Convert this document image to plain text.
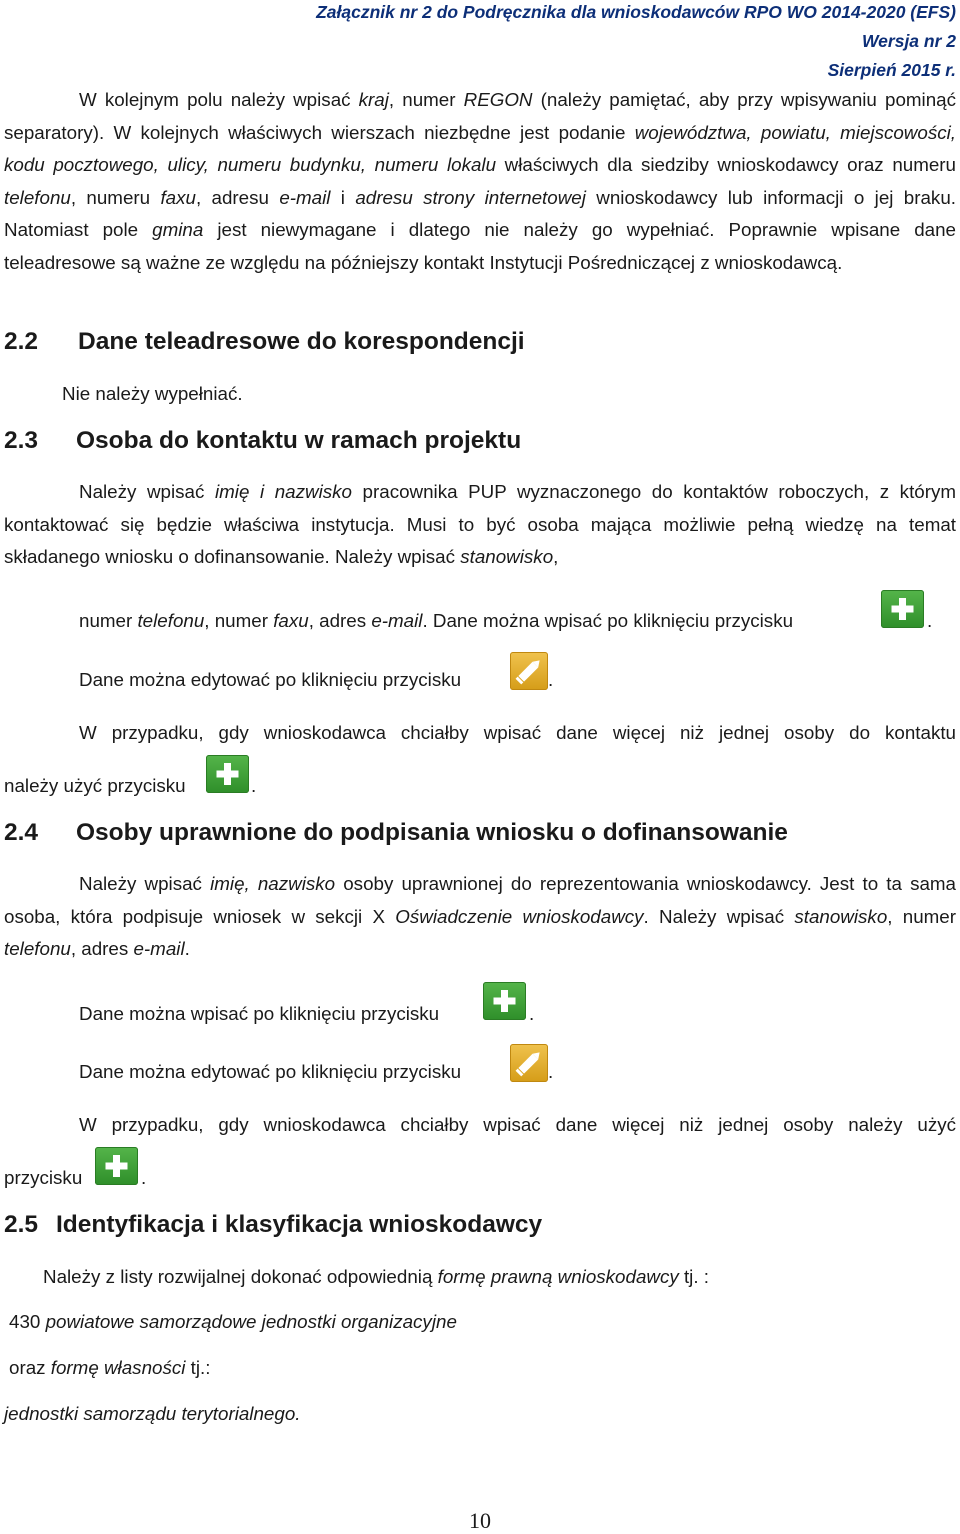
Załącznik nr 2 do Podręcznika dla wnioskodawców RPO WO 2014-2020 (EFS)
Wersja nr 2
Sierpień 2015 r.
W kolejnym polu należy wpisać kraj, numer REGON (należy pamiętać, aby przy wpisywaniu pominąć separatory). W kolejnych właściwych wierszach niezbędne jest podanie województwa, powiatu, miejscowości, kodu pocztowego, ulicy, numeru budynku, numeru lokalu właściwych dla siedziby wnioskodawcy oraz numeru telefonu, numeru faxu, adresu e-mail i adresu strony internetowej wnioskodawcy lub informacji o jej braku. Natomiast pole gmina jest niewymagane i dlatego nie należy go wypełniać. Poprawnie wpisane dane teleadresowe są ważne ze względu na późniejszy kontakt Instytucji Pośredniczącej z wnioskodawcą.
2.2 Dane teleadresowe do korespondencji
Nie należy wypełniać.
2.3 Osoba do kontaktu w ramach projektu
Należy wpisać imię i nazwisko pracownika PUP wyznaczonego do kontaktów roboczych, z którym kontaktować się będzie właściwa instytucja. Musi to być osoba mająca możliwie pełną wiedzę na temat składanego wniosku o dofinansowanie. Należy wpisać stanowisko,
numer telefonu, numer faxu, adres e-mail. Dane można wpisać po kliknięciu przycisku	.
Dane można edytować po kliknięciu przycisku	.
W przypadku, gdy wnioskodawca chciałby wpisać dane więcej niż jednej osoby do kontaktu
należy użyć przycisku	.
2.4 Osoby uprawnione do podpisania wniosku o dofinansowanie
Należy wpisać imię, nazwisko osoby uprawnionej do reprezentowania wnioskodawcy. Jest to ta sama osoba, która podpisuje wniosek w sekcji X Oświadczenie wnioskodawcy. Należy wpisać stanowisko, numer telefonu, adres e-mail.
Dane można wpisać po kliknięciu przycisku	.
Dane można edytować po kliknięciu przycisku	.
W przypadku, gdy wnioskodawca chciałby wpisać dane więcej niż jednej osoby należy użyć
przycisku	.
2.5 Identyfikacja i klasyfikacja wnioskodawcy
Należy z listy rozwijalnej dokonać odpowiednią formę prawną wnioskodawcy tj. :
430 powiatowe samorządowe jednostki organizacyjne
oraz formę własności tj.:
jednostki samorządu terytorialnego.
10
